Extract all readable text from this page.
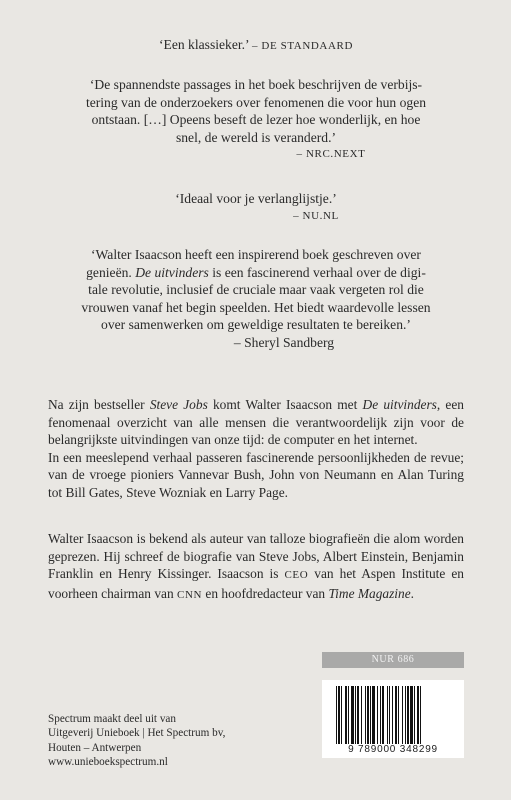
‘Een klassieker.’ – DE STANDAARD
‘De spannendste passages in het boek beschrijven de verbijs-
tering van de onderzoekers over fenomenen die voor hun ogen
ontstaan. […] Opeens beseft de lezer hoe wonderlijk, en hoe
snel, de wereld is veranderd.’
– NRC.NEXT
‘Ideaal voor je verlanglijstje.’
– NU.NL
‘Walter Isaacson heeft een inspirerend boek geschreven over
genieën. De uitvinders is een fascinerend verhaal over de digi-
tale revolutie, inclusief de cruciale maar vaak vergeten rol die
vrouwen vanaf het begin speelden. Het biedt waardevolle lessen
over samenwerken om geweldige resultaten te bereiken.’
– Sheryl Sandberg

Na zijn bestseller Steve Jobs komt Walter Isaacson met De uitvinders, een fenomenaal overzicht van alle mensen die verantwoordelijk zijn voor de belangrijkste uitvindingen van onze tijd: de computer en het internet.

In een meeslepend verhaal passeren fascinerende persoonlijkheden de revue; van de vroege pioniers Vannevar Bush, John von Neumann en Alan Turing tot Bill Gates, Steve Wozniak en Larry Page.

Walter Isaacson is bekend als auteur van talloze biografieën die alom worden geprezen. Hij schreef de biografie van Steve Jobs, Albert Einstein, Benjamin Franklin en Henry Kissinger. Isaacson is CEO van het Aspen Institute en voorheen chairman van CNN en hoofdredacteur van Time Magazine.

NUR 686
9 789000 348299
Spectrum maakt deel uit van
Uitgeverij Unieboek | Het Spectrum bv,
Houten – Antwerpen
www.unieboekspectrum.nl
